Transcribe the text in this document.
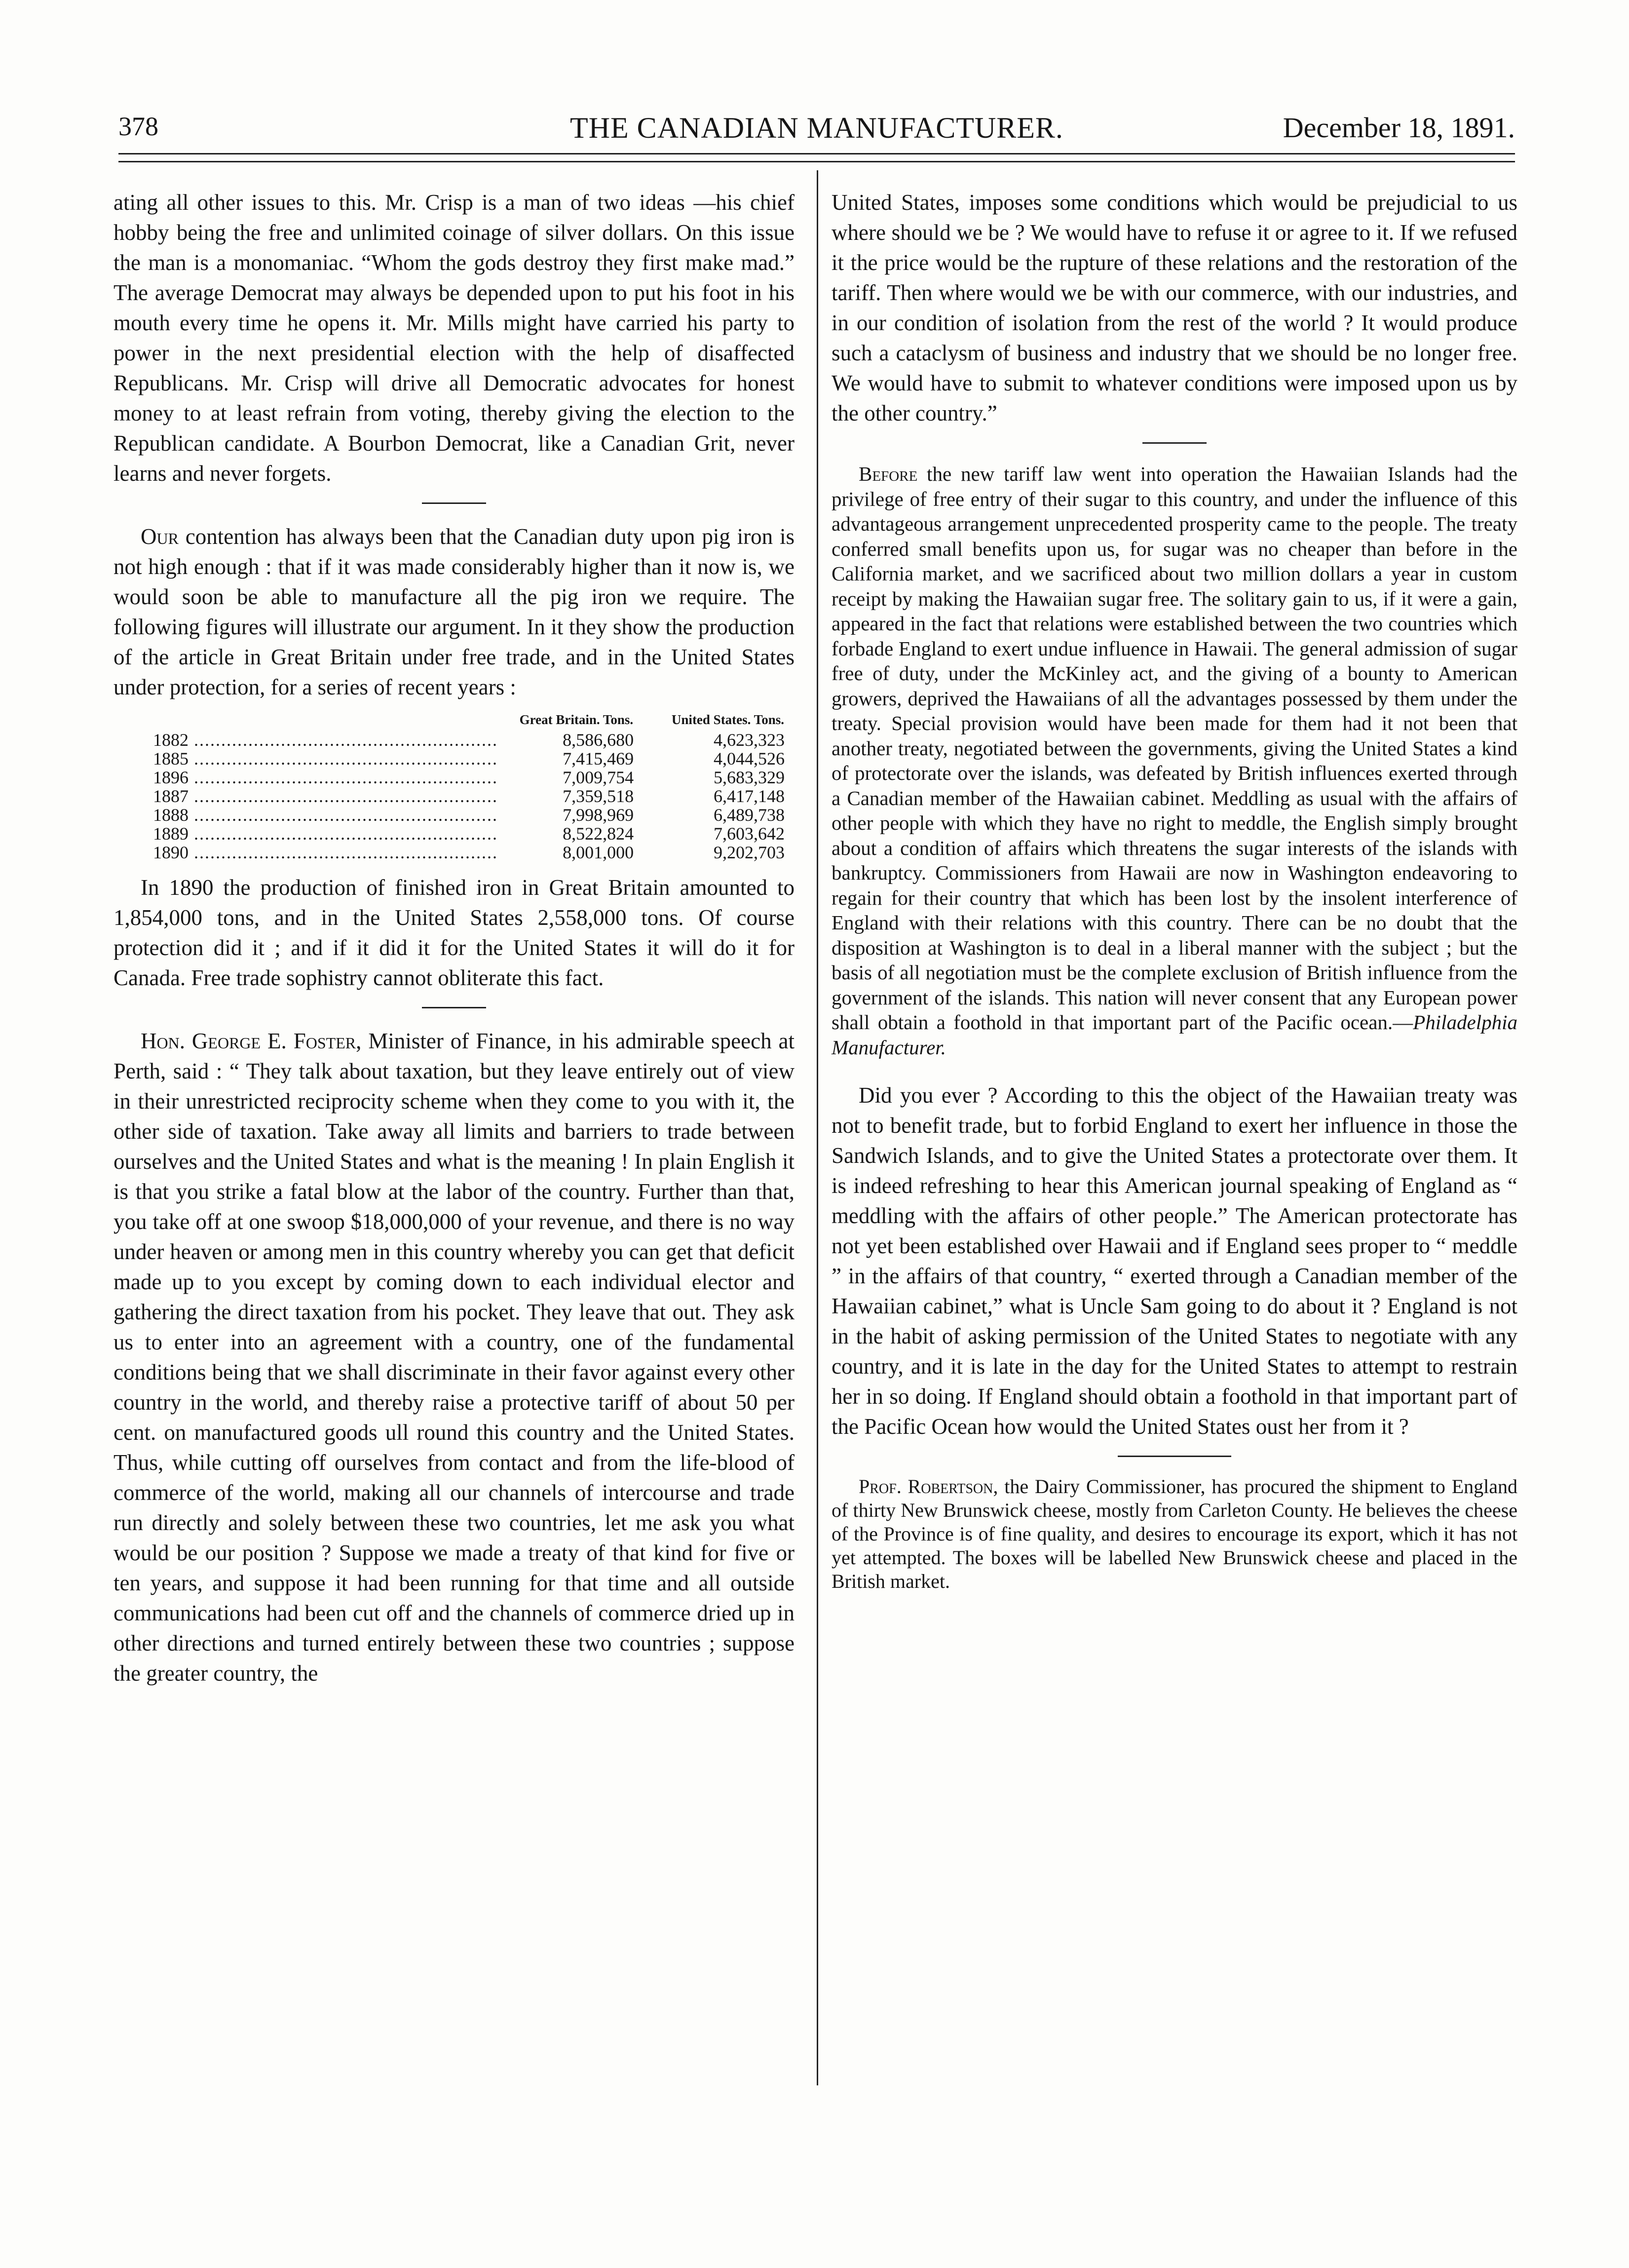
378	THE CANADIAN MANUFACTURER.	December 18, 1891.

ating all other issues to this. Mr. Crisp is a man of two ideas —his chief hobby being the free and unlimited coinage of silver dollars. On this issue the man is a monomaniac. “Whom the gods destroy they first make mad.” The average Democrat may always be depended upon to put his foot in his mouth every time he opens it. Mr. Mills might have carried his party to power in the next presidential election with the help of disaffected Republicans. Mr. Crisp will drive all Democratic advocates for honest money to at least refrain from voting, thereby giving the election to the Republican candidate. A Bourbon Democrat, like a Canadian Grit, never learns and never forgets.

Our contention has always been that the Canadian duty upon pig iron is not high enough : that if it was made considerably higher than it now is, we would soon be able to manufacture all the pig iron we require. The following figures will illustrate our argument. In it they show the production of the article in Great Britain under free trade, and in the United States under protection, for a series of recent years :

	Great Britain. Tons.	United States. Tons.
1882 .....	8,586,680	4,623,323
1885 .....	7,415,469	4,044,526
1896 .....	7,009,754	5,683,329
1887 .....	7,359,518	6,417,148
1888 .....	7,998,969	6,489,738
1889 .....	8,522,824	7,603,642
1890 .....	8,001,000	9,202,703

In 1890 the production of finished iron in Great Britain amounted to 1,854,000 tons, and in the United States 2,558,000 tons. Of course protection did it ; and if it did it for the United States it will do it for Canada. Free trade sophistry cannot obliterate this fact.

Hon. George E. Foster, Minister of Finance, in his admirable speech at Perth, said : “ They talk about taxation, but they leave entirely out of view in their unrestricted reciprocity scheme when they come to you with it, the other side of taxation. Take away all limits and barriers to trade between ourselves and the United States and what is the meaning ! In plain English it is that you strike a fatal blow at the labor of the country. Further than that, you take off at one swoop $18,000,000 of your revenue, and there is no way under heaven or among men in this country whereby you can get that deficit made up to you except by coming down to each individual elector and gathering the direct taxation from his pocket. They leave that out. They ask us to enter into an agreement with a country, one of the fundamental conditions being that we shall discriminate in their favor against every other country in the world, and thereby raise a protective tariff of about 50 per cent. on manufactured goods ull round this country and the United States. Thus, while cutting off ourselves from contact and from the life-blood of commerce of the world, making all our channels of intercourse and trade run directly and solely between these two countries, let me ask you what would be our position ? Suppose we made a treaty of that kind for five or ten years, and suppose it had been running for that time and all outside communications had been cut off and the channels of commerce dried up in other directions and turned entirely between these two countries ; suppose the greater country, the

United States, imposes some conditions which would be prejudicial to us where should we be ? We would have to refuse it or agree to it. If we refused it the price would be the rupture of these relations and the restoration of the tariff. Then where would we be with our commerce, with our industries, and in our condition of isolation from the rest of the world ? It would produce such a cataclysm of business and industry that we should be no longer free. We would have to submit to whatever conditions were imposed upon us by the other country.”

Before the new tariff law went into operation the Hawaiian Islands had the privilege of free entry of their sugar to this country, and under the influence of this advantageous arrangement unprecedented prosperity came to the people. The treaty conferred small benefits upon us, for sugar was no cheaper than before in the California market, and we sacrificed about two million dollars a year in custom receipt by making the Hawaiian sugar free. The solitary gain to us, if it were a gain, appeared in the fact that relations were established between the two countries which forbade England to exert undue influence in Hawaii. The general admission of sugar free of duty, under the McKinley act, and the giving of a bounty to American growers, deprived the Hawaiians of all the advantages possessed by them under the treaty. Special provision would have been made for them had it not been that another treaty, negotiated between the governments, giving the United States a kind of protectorate over the islands, was defeated by British influences exerted through a Canadian member of the Hawaiian cabinet. Meddling as usual with the affairs of other people with which they have no right to meddle, the English simply brought about a condition of affairs which threatens the sugar interests of the islands with bankruptcy. Commissioners from Hawaii are now in Washington endeavoring to regain for their country that which has been lost by the insolent interference of England with their relations with this country. There can be no doubt that the disposition at Washington is to deal in a liberal manner with the subject ; but the basis of all negotiation must be the complete exclusion of British influence from the government of the islands. This nation will never consent that any European power shall obtain a foothold in that important part of the Pacific ocean.—Philadelphia Manufacturer.

Did you ever ? According to this the object of the Hawaiian treaty was not to benefit trade, but to forbid England to exert her influence in those the Sandwich Islands, and to give the United States a protectorate over them. It is indeed refreshing to hear this American journal speaking of England as “ meddling with the affairs of other people.” The American protectorate has not yet been established over Hawaii and if England sees proper to “ meddle ” in the affairs of that country, “ exerted through a Canadian member of the Hawaiian cabinet,” what is Uncle Sam going to do about it ? England is not in the habit of asking permission of the United States to negotiate with any country, and it is late in the day for the United States to attempt to restrain her in so doing. If England should obtain a foothold in that important part of the Pacific Ocean how would the United States oust her from it ?

Prof. Robertson, the Dairy Commissioner, has procured the shipment to England of thirty New Brunswick cheese, mostly from Carleton County. He believes the cheese of the Province is of fine quality, and desires to encourage its export, which it has not yet attempted. The boxes will be labelled New Brunswick cheese and placed in the British market.
